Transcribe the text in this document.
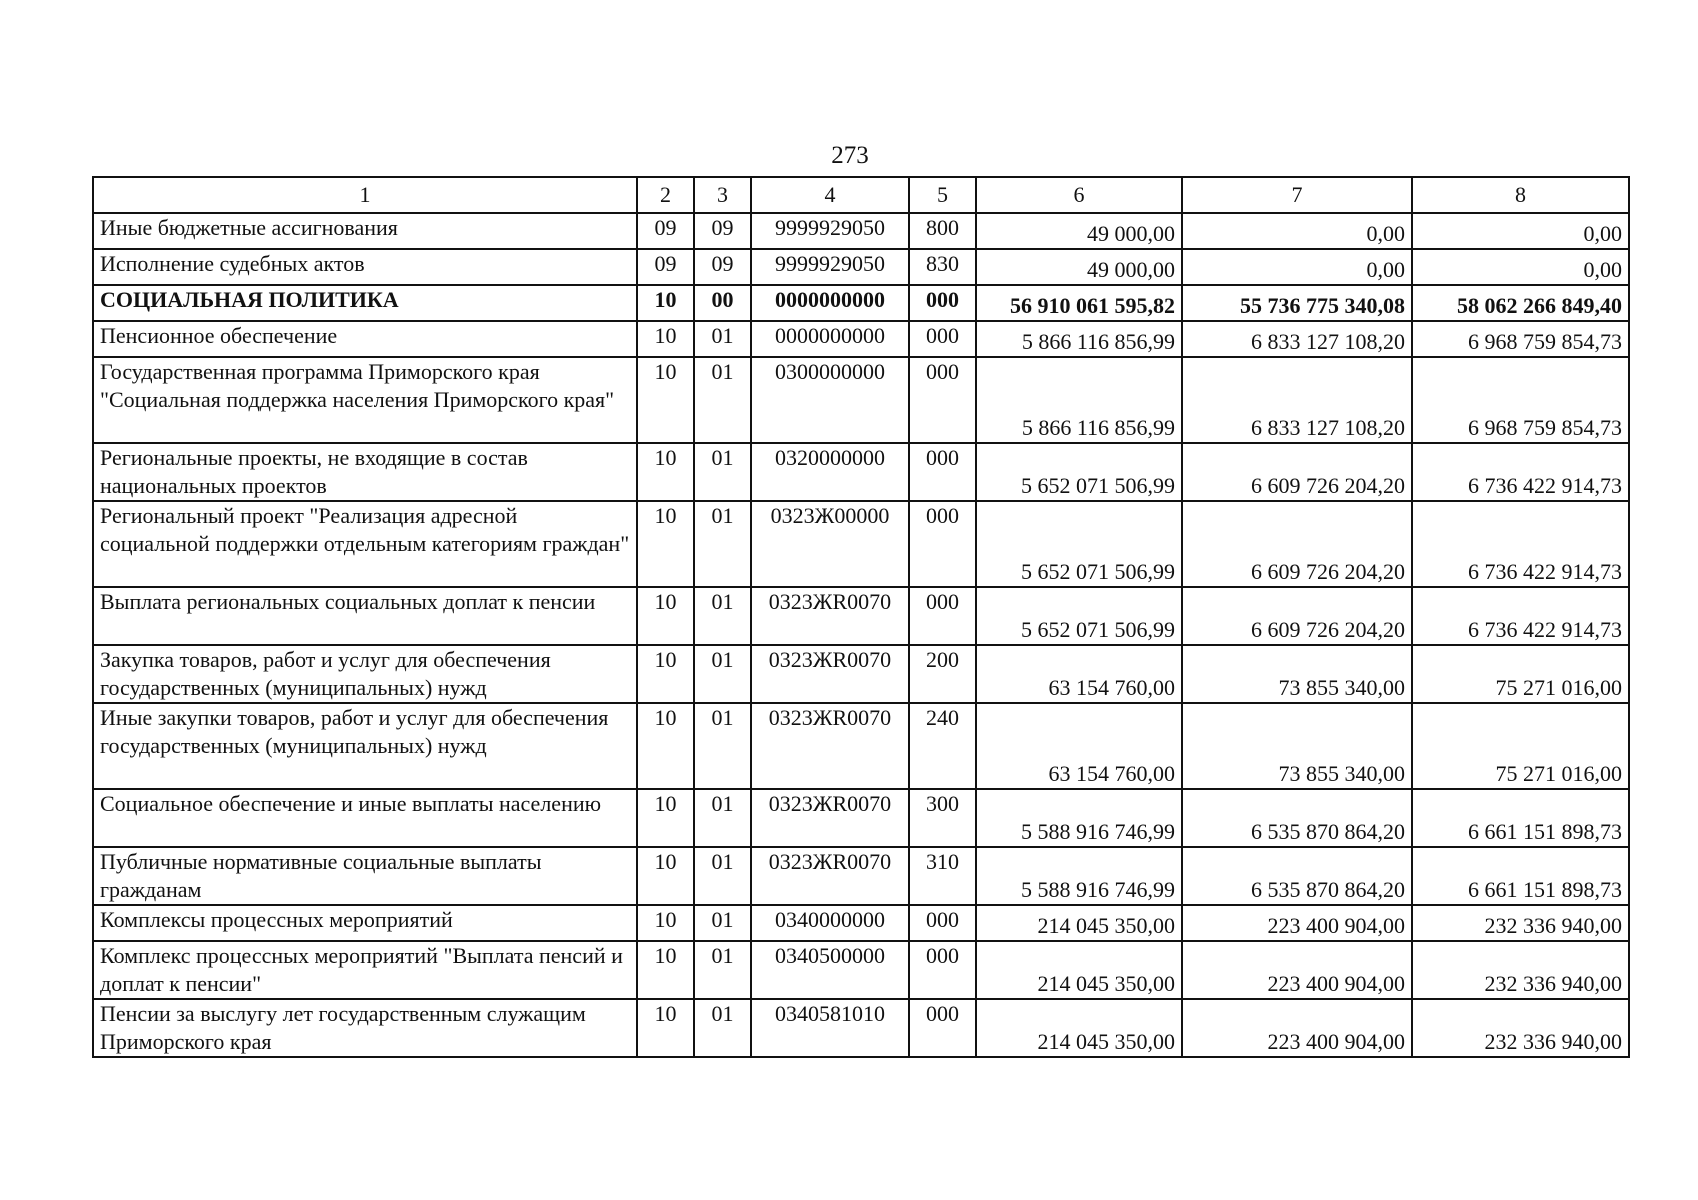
273
1	2	3	4	5	6	7	8
Иные бюджетные ассигнования	09	09	9999929050	800	49 000,00	0,00	0,00
Исполнение судебных актов	09	09	9999929050	830	49 000,00	0,00	0,00
СОЦИАЛЬНАЯ ПОЛИТИКА	10	00	0000000000	000	56 910 061 595,82	55 736 775 340,08	58 062 266 849,40
Пенсионное обеспечение	10	01	0000000000	000	5 866 116 856,99	6 833 127 108,20	6 968 759 854,73
Государственная программа Приморского края "Социальная поддержка населения Приморского края"	10	01	0300000000	000	5 866 116 856,99	6 833 127 108,20	6 968 759 854,73
Региональные проекты, не входящие в состав национальных проектов	10	01	0320000000	000	5 652 071 506,99	6 609 726 204,20	6 736 422 914,73
Региональный проект "Реализация адресной социальной поддержки отдельным категориям граждан"	10	01	0323Ж00000	000	5 652 071 506,99	6 609 726 204,20	6 736 422 914,73
Выплата региональных социальных доплат к пенсии	10	01	0323ЖR0070	000	5 652 071 506,99	6 609 726 204,20	6 736 422 914,73
Закупка товаров, работ и услуг для обеспечения государственных (муниципальных) нужд	10	01	0323ЖR0070	200	63 154 760,00	73 855 340,00	75 271 016,00
Иные закупки товаров, работ и услуг для обеспечения государственных (муниципальных) нужд	10	01	0323ЖR0070	240	63 154 760,00	73 855 340,00	75 271 016,00
Социальное обеспечение и иные выплаты населению	10	01	0323ЖR0070	300	5 588 916 746,99	6 535 870 864,20	6 661 151 898,73
Публичные нормативные социальные выплаты гражданам	10	01	0323ЖR0070	310	5 588 916 746,99	6 535 870 864,20	6 661 151 898,73
Комплексы процессных мероприятий	10	01	0340000000	000	214 045 350,00	223 400 904,00	232 336 940,00
Комплекс процессных мероприятий "Выплата пенсий и доплат к пенсии"	10	01	0340500000	000	214 045 350,00	223 400 904,00	232 336 940,00
Пенсии за выслугу лет государственным служащим Приморского края	10	01	0340581010	000	214 045 350,00	223 400 904,00	232 336 940,00
